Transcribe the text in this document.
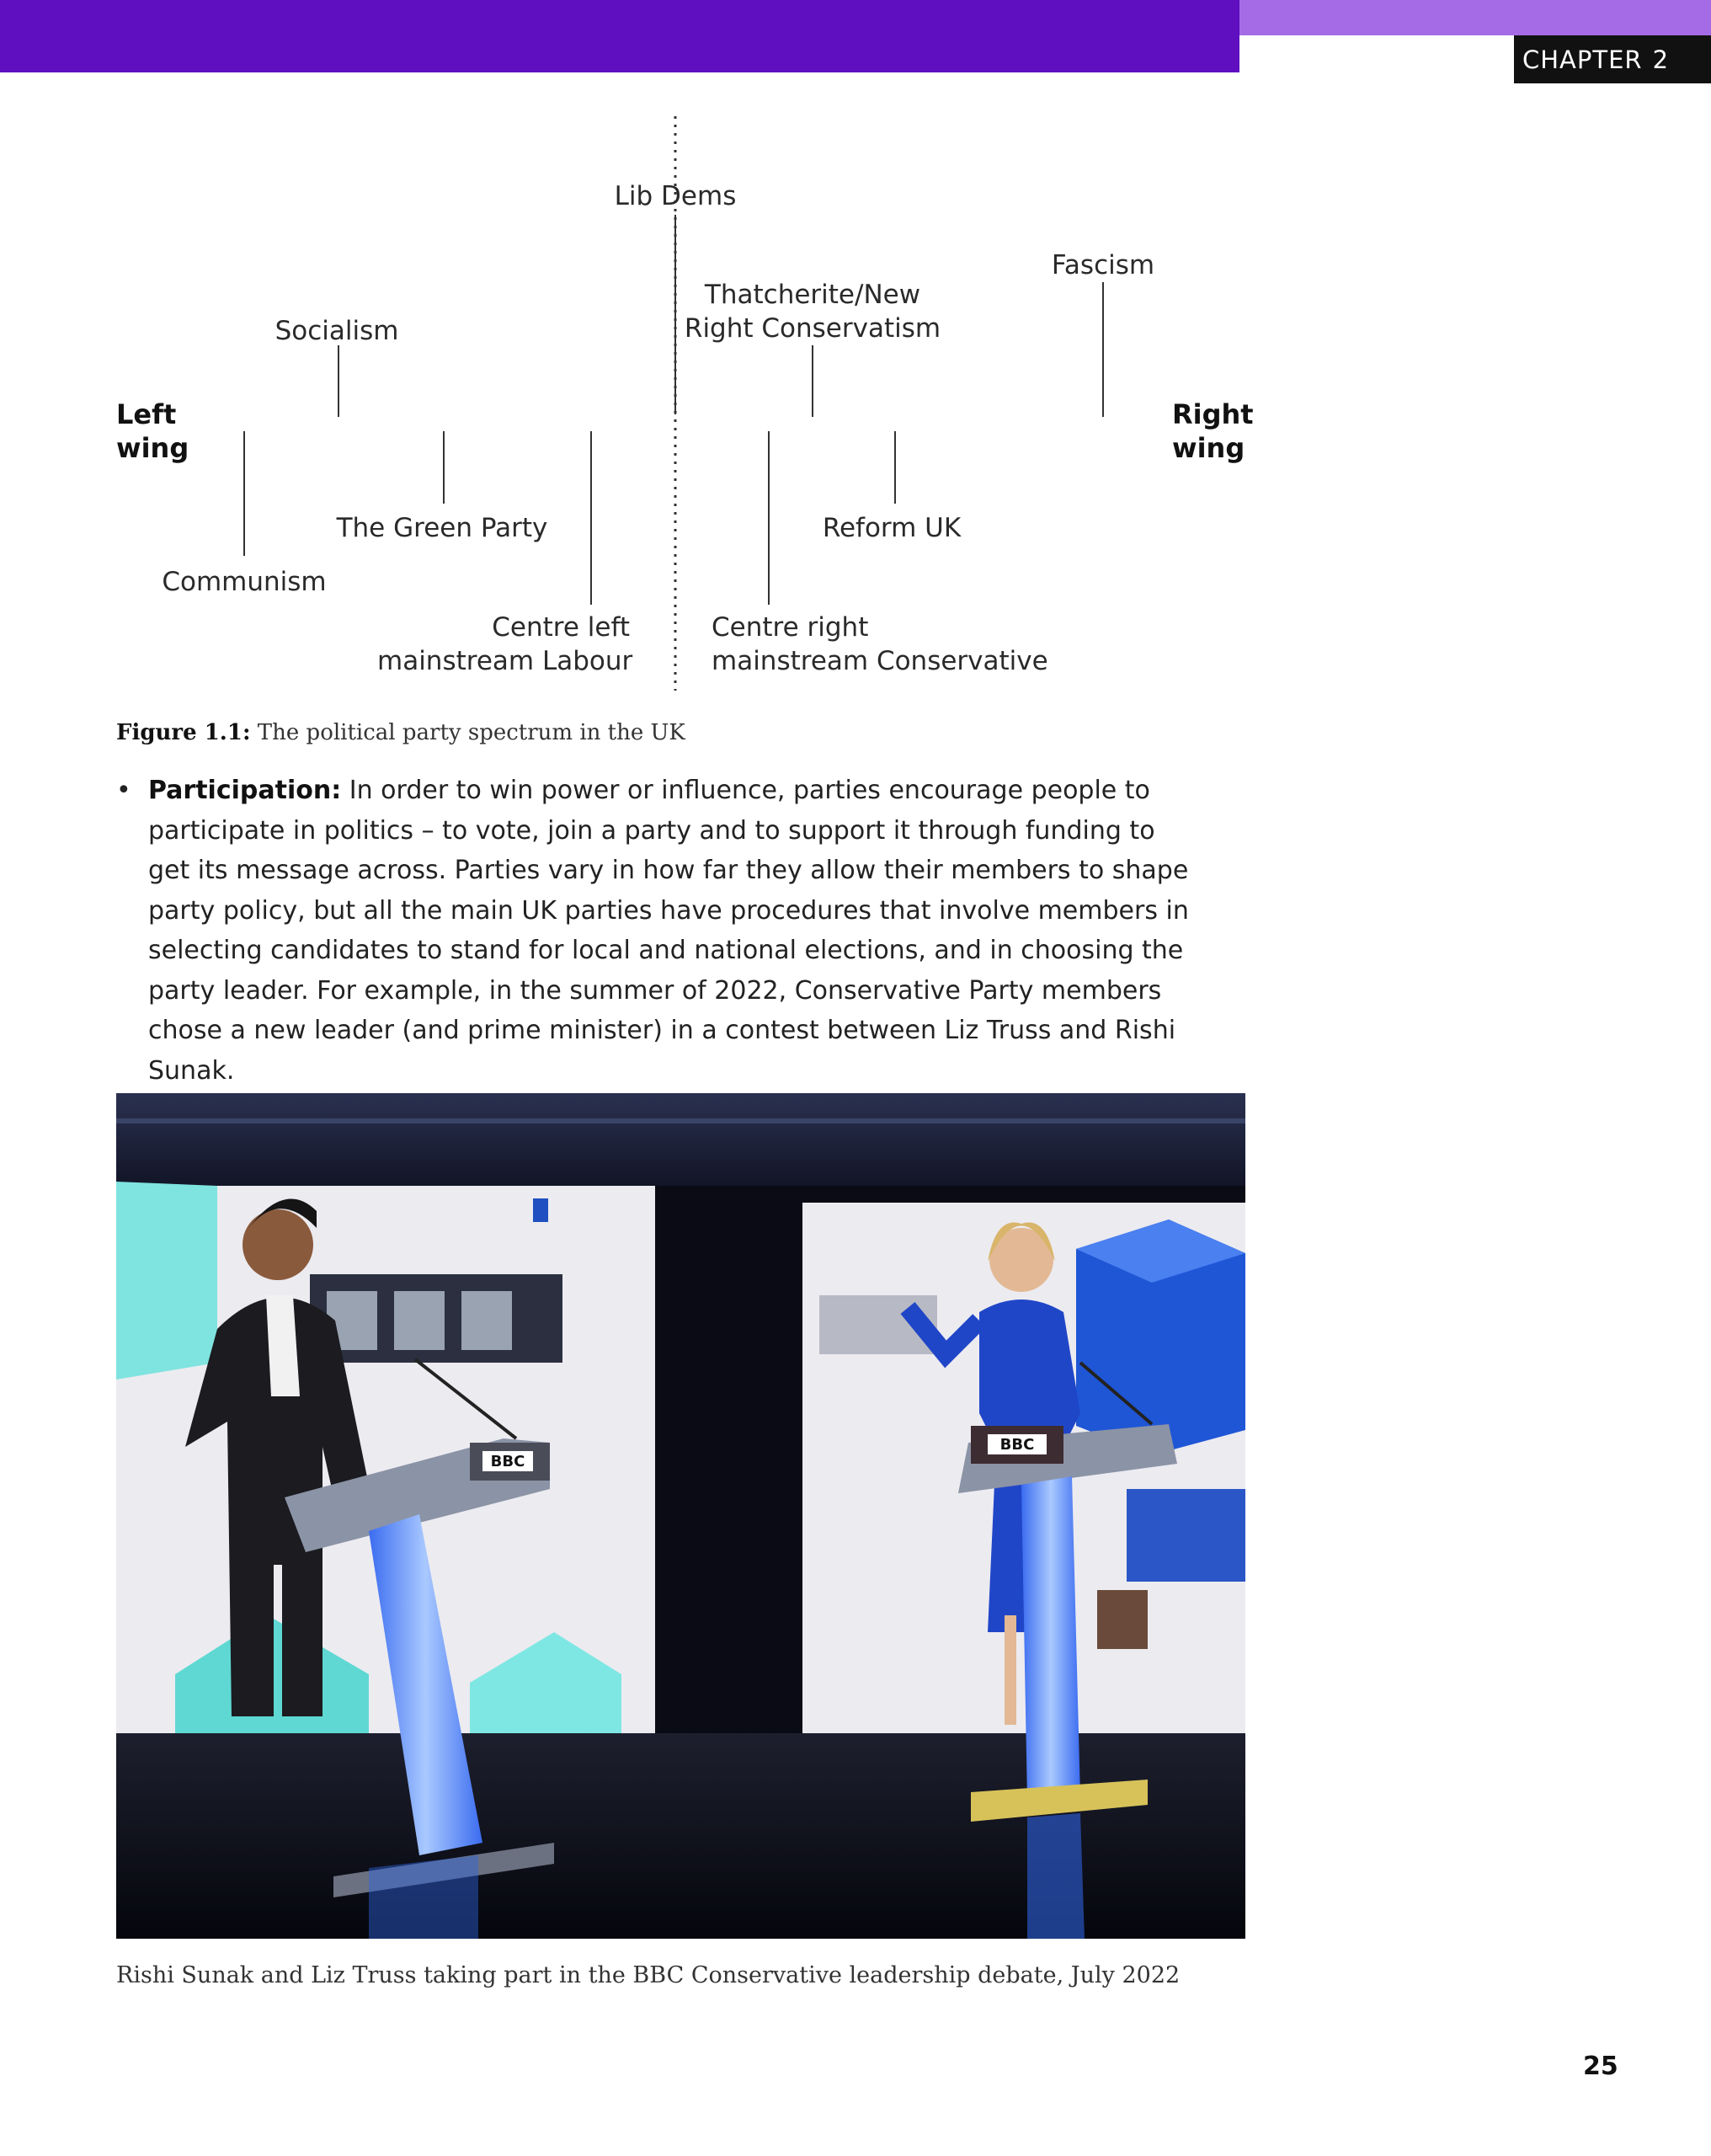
CHAPTER 2
Left
wing
Right
wing
Lib Dems
Fascism
Thatcherite/New
Right Conservatism
Socialism
The Green Party	Reform UK
Communism
Centre left
mainstream Labour
Centre right
mainstream Conservative
Figure 1.1: The political party spectrum in the UK
• Participation: In order to win power or influence, parties encourage people to participate in politics – to vote, join a party and to support it through funding to get its message across. Parties vary in how far they allow their members to shape party policy, but all the main UK parties have procedures that involve members in selecting candidates to stand for local and national elections, and in choosing the party leader. For example, in the summer of 2022, Conservative Party members chose a new leader (and prime minister) in a contest between Liz Truss and Rishi Sunak.
BBC
BBC
Rishi Sunak and Liz Truss taking part in the BBC Conservative leadership debate, July 2022
25
